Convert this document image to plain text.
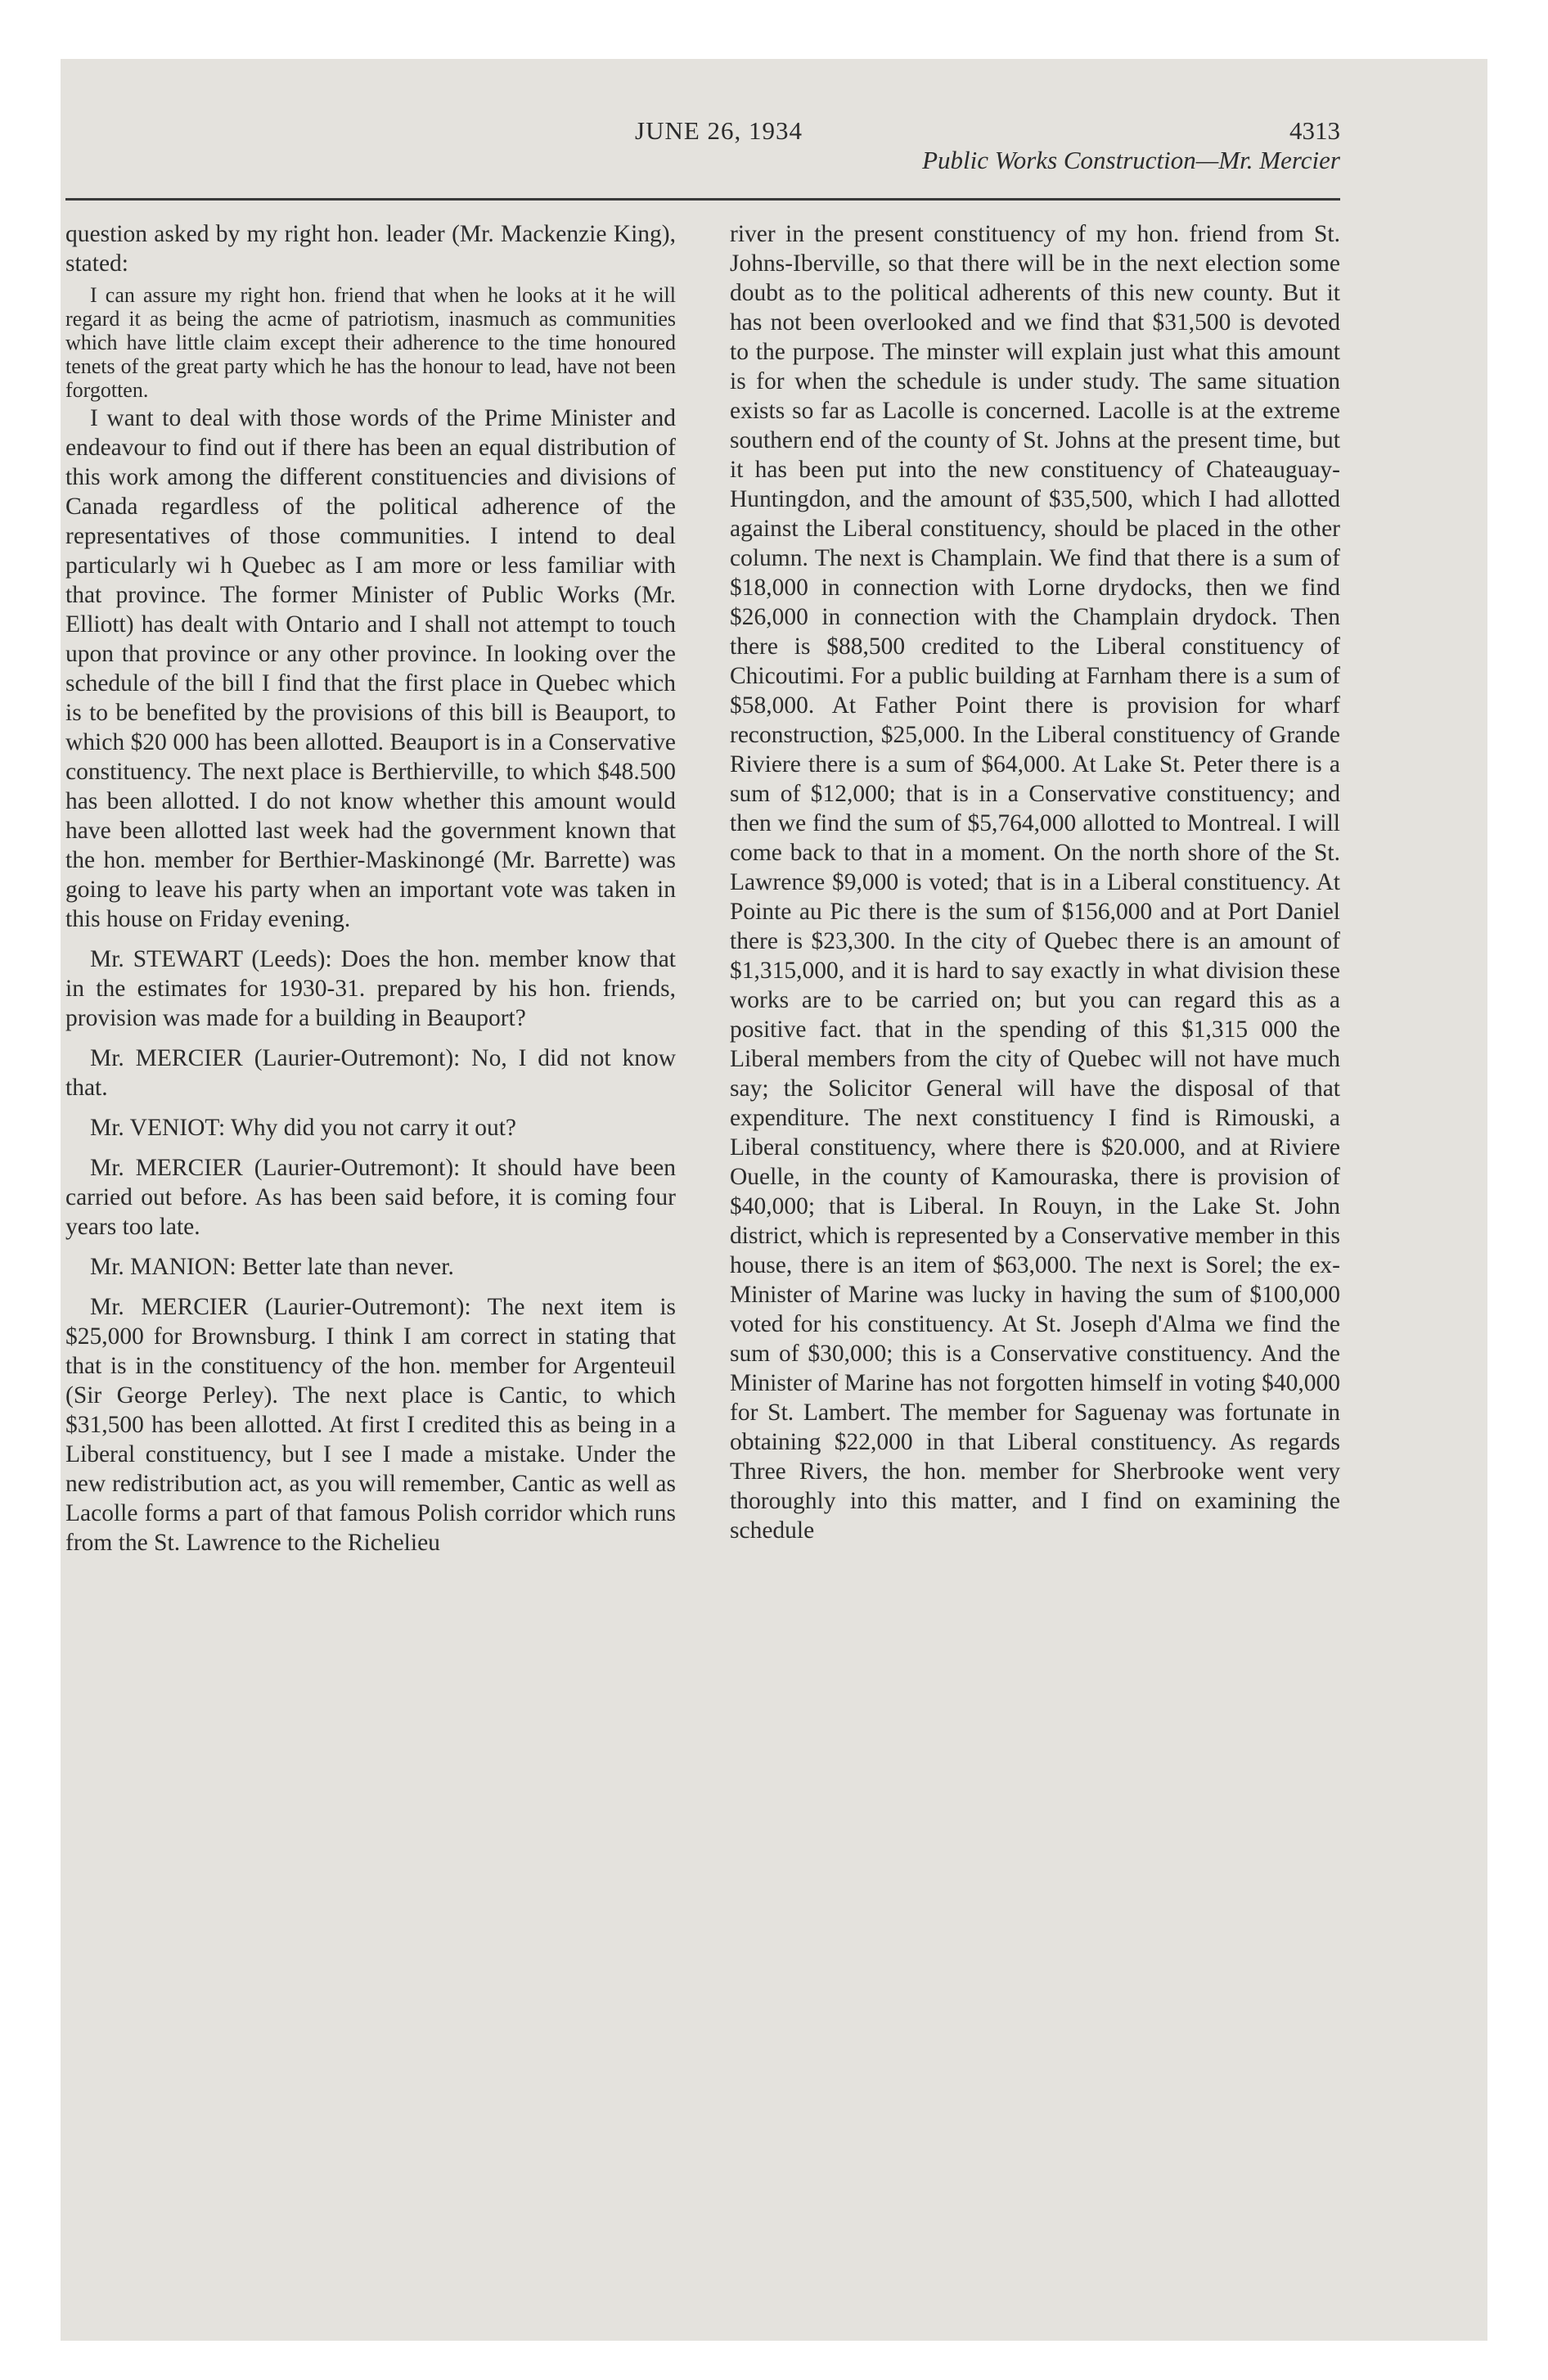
JUNE 26, 1934	4313
Public Works Construction—Mr. Mercier

question asked by my right hon. leader (Mr. Mackenzie King), stated:

I can assure my right hon. friend that when he looks at it he will regard it as being the acme of patriotism, inasmuch as communities which have little claim except their adherence to the time honoured tenets of the great party which he has the honour to lead, have not been forgotten.

I want to deal with those words of the Prime Minister and endeavour to find out if there has been an equal distribution of this work among the different constituencies and divisions of Canada regardless of the political adherence of the representatives of those communities. I intend to deal particularly wi h Quebec as I am more or less familiar with that province. The former Minister of Public Works (Mr. Elliott) has dealt with Ontario and I shall not attempt to touch upon that province or any other province. In looking over the schedule of the bill I find that the first place in Quebec which is to be benefited by the provisions of this bill is Beauport, to which $20 000 has been allotted. Beauport is in a Conservative constituency. The next place is Berthierville, to which $48.500 has been allotted. I do not know whether this amount would have been allotted last week had the government known that the hon. member for Berthier-Maskinongé (Mr. Barrette) was going to leave his party when an important vote was taken in this house on Friday evening.

Mr. STEWART (Leeds): Does the hon. member know that in the estimates for 1930-31. prepared by his hon. friends, provision was made for a building in Beauport?

Mr. MERCIER (Laurier-Outremont): No, I did not know that.

Mr. VENIOT: Why did you not carry it out?

Mr. MERCIER (Laurier-Outremont): It should have been carried out before. As has been said before, it is coming four years too late.

Mr. MANION: Better late than never.

Mr. MERCIER (Laurier-Outremont): The next item is $25,000 for Brownsburg. I think I am correct in stating that that is in the constituency of the hon. member for Argenteuil (Sir George Perley). The next place is Cantic, to which $31,500 has been allotted. At first I credited this as being in a Liberal constituency, but I see I made a mistake. Under the new redistribution act, as you will remember, Cantic as well as Lacolle forms a part of that famous Polish corridor which runs from the St. Lawrence to the Richelieu

river in the present constituency of my hon. friend from St. Johns-Iberville, so that there will be in the next election some doubt as to the political adherents of this new county. But it has not been overlooked and we find that $31,500 is devoted to the purpose. The minster will explain just what this amount is for when the schedule is under study. The same situation exists so far as Lacolle is concerned. Lacolle is at the extreme southern end of the county of St. Johns at the present time, but it has been put into the new constituency of Chateauguay-Huntingdon, and the amount of $35,500, which I had allotted against the Liberal constituency, should be placed in the other column. The next is Champlain. We find that there is a sum of $18,000 in connection with Lorne drydocks, then we find $26,000 in connection with the Champlain drydock. Then there is $88,500 credited to the Liberal constituency of Chicoutimi. For a public building at Farnham there is a sum of $58,000. At Father Point there is provision for wharf reconstruction, $25,000. In the Liberal constituency of Grande Riviere there is a sum of $64,000. At Lake St. Peter there is a sum of $12,000; that is in a Conservative constituency; and then we find the sum of $5,764,000 allotted to Montreal. I will come back to that in a moment. On the north shore of the St. Lawrence $9,000 is voted; that is in a Liberal constituency. At Pointe au Pic there is the sum of $156,000 and at Port Daniel there is $23,300. In the city of Quebec there is an amount of $1,315,000, and it is hard to say exactly in what division these works are to be carried on; but you can regard this as a positive fact. that in the spending of this $1,315 000 the Liberal members from the city of Quebec will not have much say; the Solicitor General will have the disposal of that expenditure. The next constituency I find is Rimouski, a Liberal constituency, where there is $20.000, and at Riviere Ouelle, in the county of Kamouraska, there is provision of $40,000; that is Liberal. In Rouyn, in the Lake St. John district, which is represented by a Conservative member in this house, there is an item of $63,000. The next is Sorel; the ex-Minister of Marine was lucky in having the sum of $100,000 voted for his constituency. At St. Joseph d'Alma we find the sum of $30,000; this is a Conservative constituency. And the Minister of Marine has not forgotten himself in voting $40,000 for St. Lambert. The member for Saguenay was fortunate in obtaining $22,000 in that Liberal constituency. As regards Three Rivers, the hon. member for Sherbrooke went very thoroughly into this matter, and I find on examining the schedule
